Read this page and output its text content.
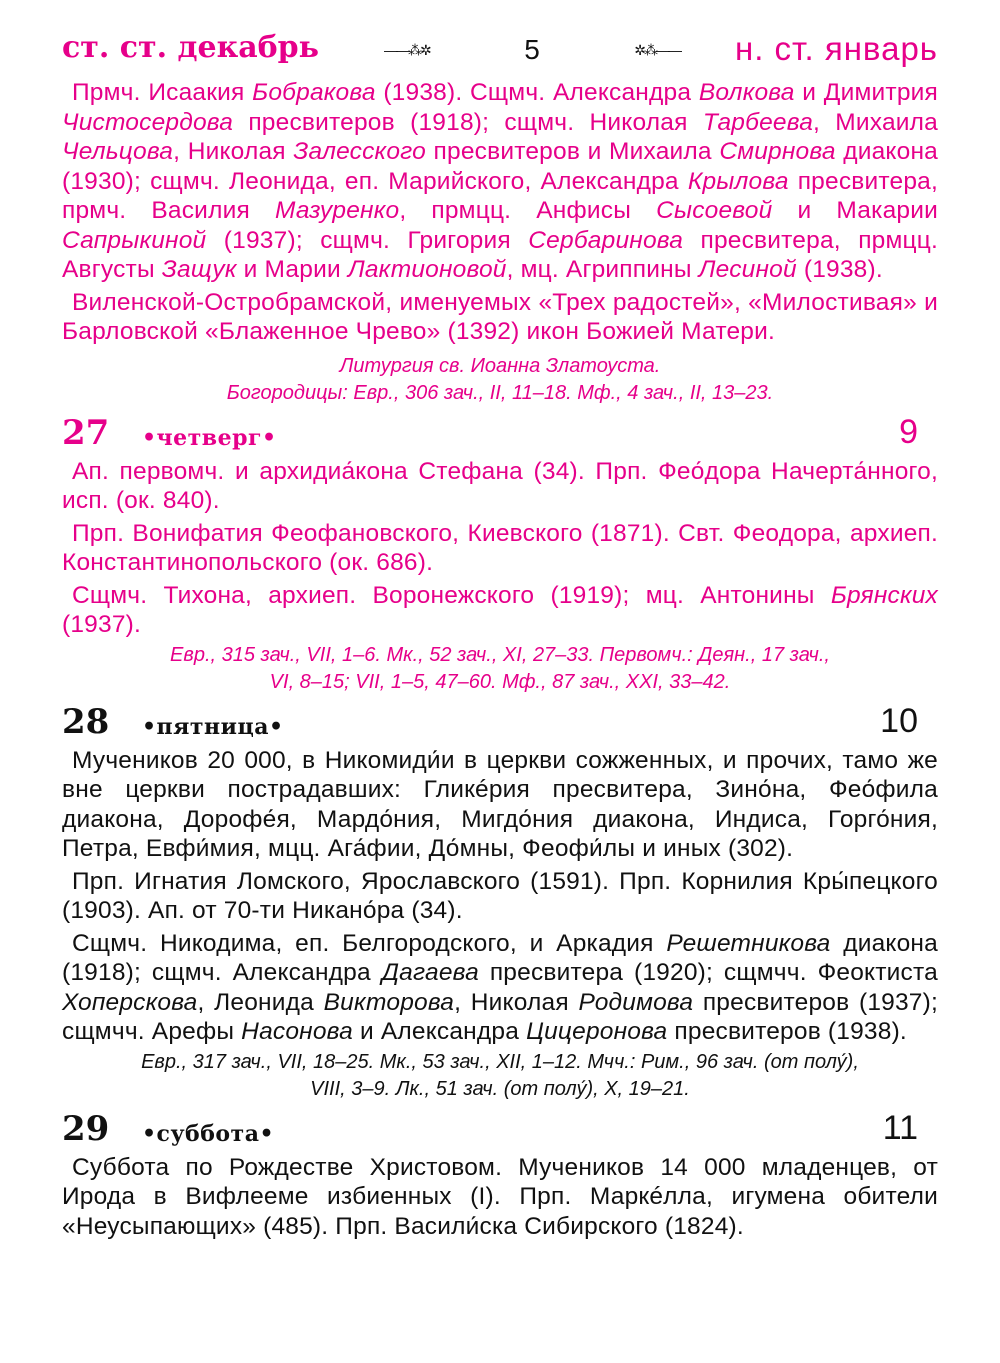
ст. ст. декабрь	——⁂✲	5	✲⁂—— н. ст. январь

Прмч. Исаакия Бобракова (1938). Сщмч. Александра Волкова и Димитрия Чистосердова пресвитеров (1918); сщмч. Николая Тарбеева, Михаила Чельцова, Николая Залесского пресвитеров и Михаила Смирнова диакона (1930); сщмч. Леонида, еп. Марийского, Александра Крылова пресвитера, прмч. Василия Мазуренко, прмцц. Анфисы Сысоевой и Макарии Сапрыкиной (1937); сщмч. Григория Сербаринова пресвитера, прмцц. Августы Защук и Марии Лактионовой, мц. Агриппины Лесиной (1938).

Виленской-Остробрамской, именуемых «Трех радостей», «Милостивая» и Барловской «Блаженное Чрево» (1392) икон Божией Матери.

Литургия св. Иоанна Златоуста.
Богородицы: Евр., 306 зач., II, 11–18. Мф., 4 зач., II, 13–23.
27 •четверг•	9

Ап. первомч. и архидиа́кона Стефана (34). Прп. Фео́дора Начерта́нного, исп. (ок. 840).

Прп. Вонифатия Феофановского, Киевского (1871). Свт. Феодора, архиеп. Константинопольского (ок. 686).

Сщмч. Тихона, архиеп. Воронежского (1919); мц. Антонины Брянских (1937).

Евр., 315 зач., VII, 1–6. Мк., 52 зач., XI, 27–33. Первомч.: Деян., 17 зач.,
VI, 8–15; VII, 1–5, 47–60. Мф., 87 зач., XXI, 33–42.
28 •пятница•	10

Мучеников 20 000, в Никомиди́и в церкви сожженных, и прочих, тамо же вне церкви пострадавших: Гликéрия пресвитера, Зино́на, Фео́фила диакона, Дорофе́я, Мардо́ния, Мигдо́ния диакона, Индиса, Горго́ния, Петра, Евфи́мия, мцц. Ага́фии, До́мны, Феофи́лы и иных (302).

Прп. Игнатия Ломского, Ярославского (1591). Прп. Корнилия Кры́пецкого (1903). Ап. от 70-ти Никано́ра (34).

Сщмч. Никодима, еп. Белгородского, и Аркадия Решетникова диакона (1918); сщмч. Александра Дагаева пресвитера (1920); сщмчч. Феоктиста Хоперскова, Леонида Викторова, Николая Родимова пресвитеров (1937); сщмчч. Арефы Насонова и Александра Цицеронова пресвитеров (1938).

Евр., 317 зач., VII, 18–25. Мк., 53 зач., XII, 1–12. Мчч.: Рим., 96 зач. (от полу́),
VIII, 3–9. Лк., 51 зач. (от полу́), X, 19–21.
29 •суббота•	11

Суббота по Рождестве Христовом. Мучеников 14 000 младенцев, от Ирода в Вифлееме избиенных (I). Прп. Маркéлла, игумена обители «Неусыпающих» (485). Прп. Васили́ска Сибирского (1824).
